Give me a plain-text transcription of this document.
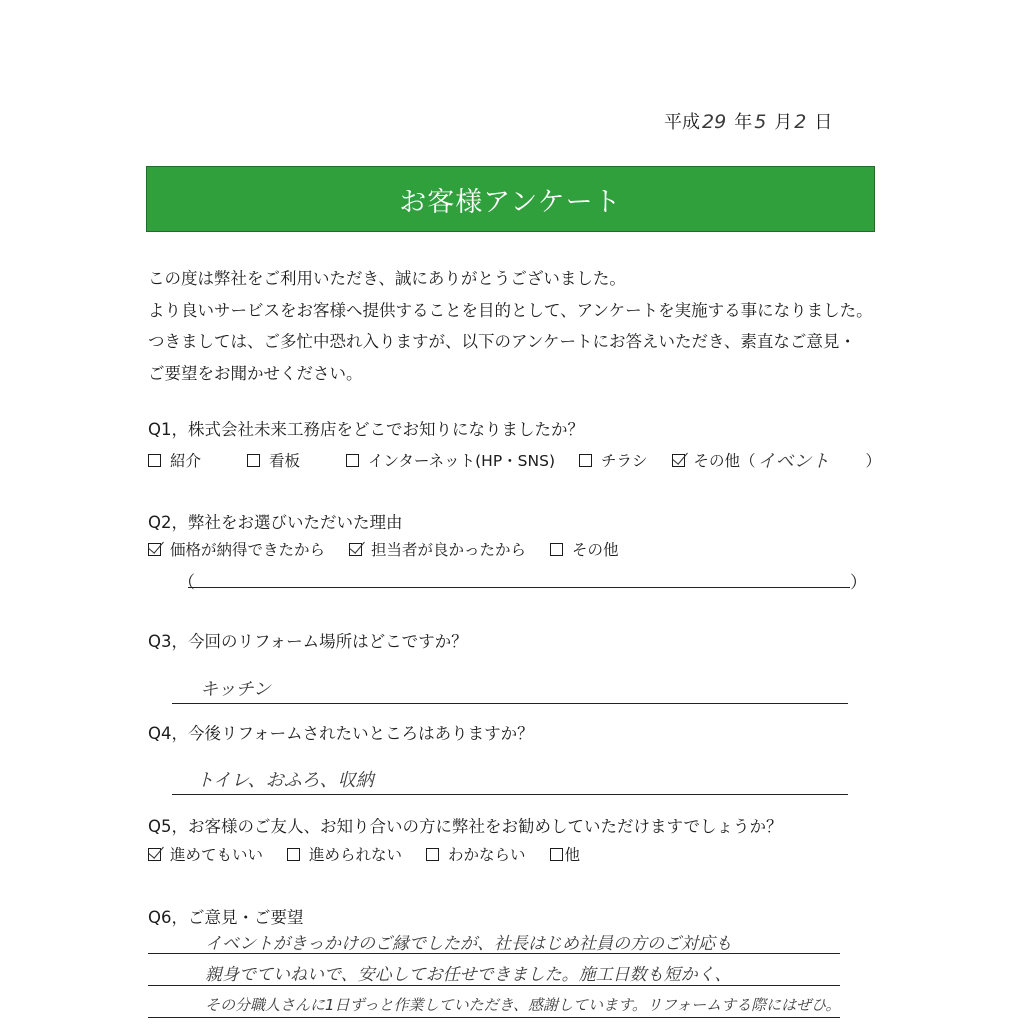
平成 29 年 5 月 2 日
お客様アンケート
この度は弊社をご利用いただき、誠にありがとうございました。
より良いサービスをお客様へ提供することを目的として、アンケートを実施する事になりました。
つきましては、ご多忙中恐れ入りますが、以下のアンケートにお答えいただき、素直なご意見・
ご要望をお聞かせください。
Q1，株式会社未来工務店をどこでお知りになりましたか？
紹介	看板	インターネット(HP・SNS)	チラシ	その他（ イベント ）
Q2，弊社をお選びいただいた理由
価格が納得できたから	担当者が良かったから	その他
（	）
Q3，今回のリフォーム場所はどこですか？
キッチン
Q4，今後リフォームされたいところはありますか？
トイレ、おふろ、収納
Q5，お客様のご友人、お知り合いの方に弊社をお勧めしていただけますでしょうか？
進めてもいい	進められない	わかならい	他
Q6，ご意見・ご要望
イベントがきっかけのご縁でしたが、社長はじめ社員の方のご対応も
親身でていねいで、安心してお任せできました。施工日数も短かく、
その分職人さんに1日ずっと作業していただき、感謝しています。リフォームする際にはぜひ。
